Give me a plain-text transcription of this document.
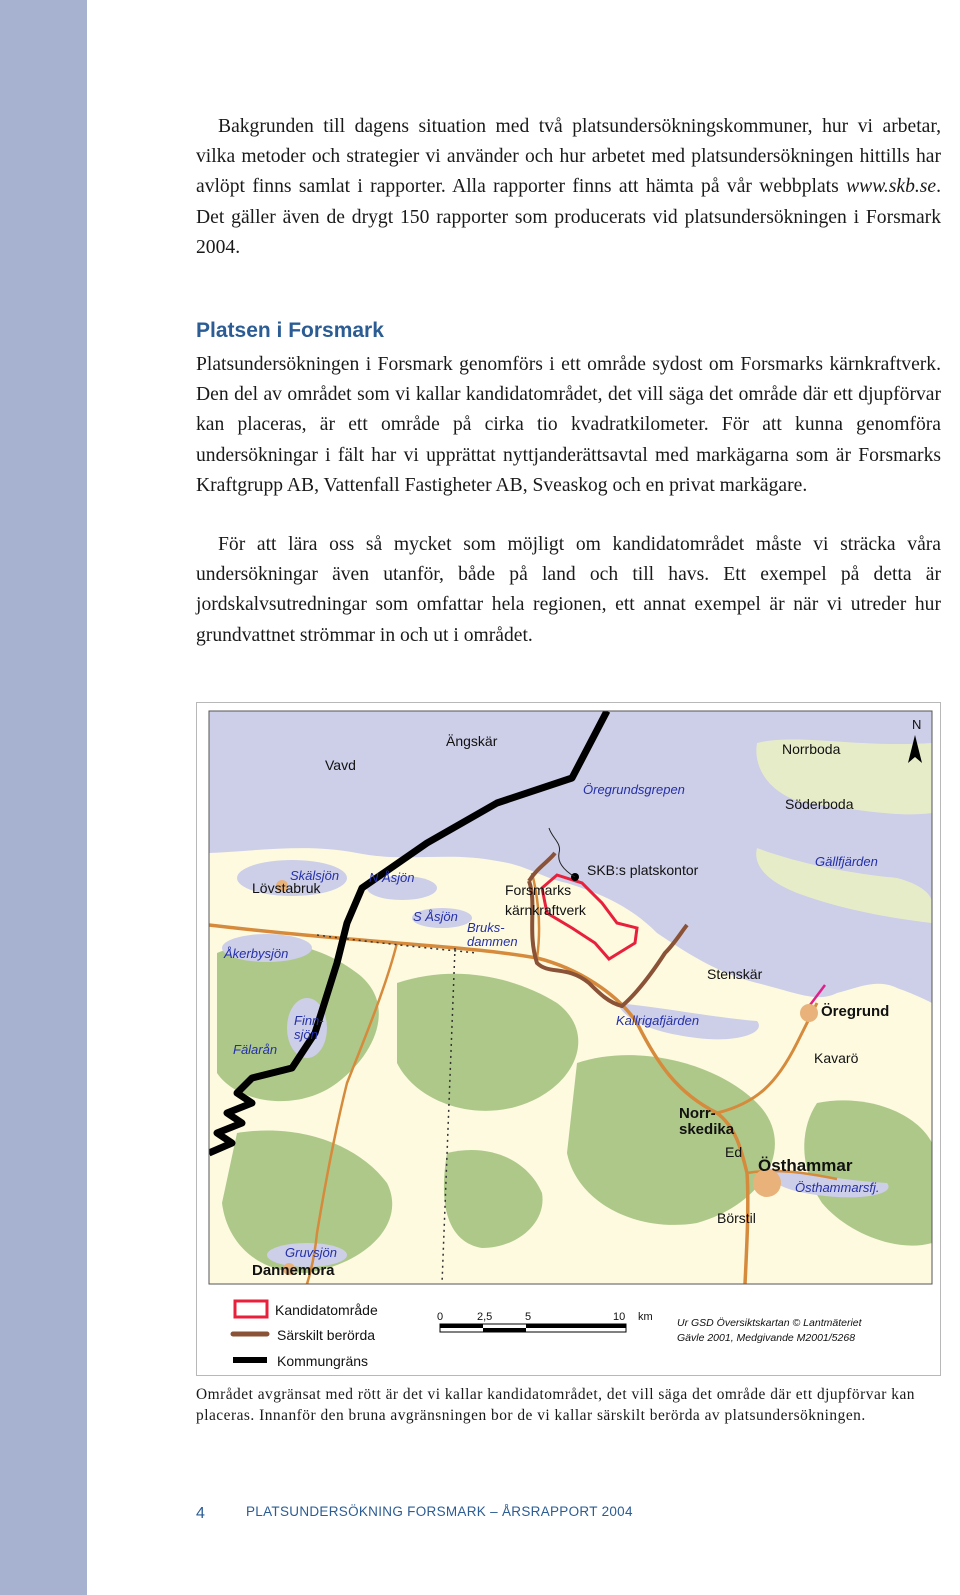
Bakgrunden till dagens situation med två platsundersökningskommuner, hur vi arbetar, vilka metoder och strategier vi använder och hur arbetet med platsundersökningen hittills har avlöpt finns samlat i rapporter. Alla rapporter finns att hämta på vår webbplats www.skb.se. Det gäller även de drygt 150 rapporter som producerats vid platsundersökningen i Forsmark 2004.

Platsen i Forsmark

Platsundersökningen i Forsmark genomförs i ett område sydost om Forsmarks kärnkraftverk. Den del av området som vi kallar kandidatområdet, det vill säga det område där ett djupförvar kan placeras, är ett område på cirka tio kvadratkilometer. För att kunna genomföra undersökningar i fält har vi upprättat nyttjanderättsavtal med markägarna som är Forsmarks Kraftgrupp AB, Vattenfall Fastigheter AB, Sveaskog och en privat markägare.

För att lära oss så mycket som möjligt om kandidatområdet måste vi sträcka våra undersökningar även utanför, både på land och till havs. Ett exempel på detta är jordskalvsutredningar som omfattar hela regionen, ett annat exempel är när vi utreder hur grundvattnet strömmar in och ut i området.

N
Ängskär
Vavd
Norrboda
Söderboda
SKB:s platskontor
Forsmarks
kärnkraftverk
Lövstabruk
Stenskär
Öregrund
Kavarö
Norr-
skedika
Ed
Östhammar
Börstil
Dannemora
Öregrundsgrepen
Gällfjärden
Skälsjön N Åsjön
S Åsjön
Bruks-
dammen
Åkerbysjön
Finn-
sjön
Fälarån
Kallrigafjärden
Östhammarsfj.
Gruvsjön
Kandidatområde
Särskilt berörda
Kommungräns
0	2,5	5	10 km Ur GSD Översiktskartan © Lantmäteriet
Gävle 2001, Medgivande M2001/5268

Området avgränsat med rött är det vi kallar kandidatområdet, det vill säga det område där ett djupförvar kan placeras. Innanför den bruna avgränsningen bor de vi kallar särskilt berörda av platsundersökningen.

4	PLATSUNDERSÖKNING FORSMARK – ÅRSRAPPORT 2004
